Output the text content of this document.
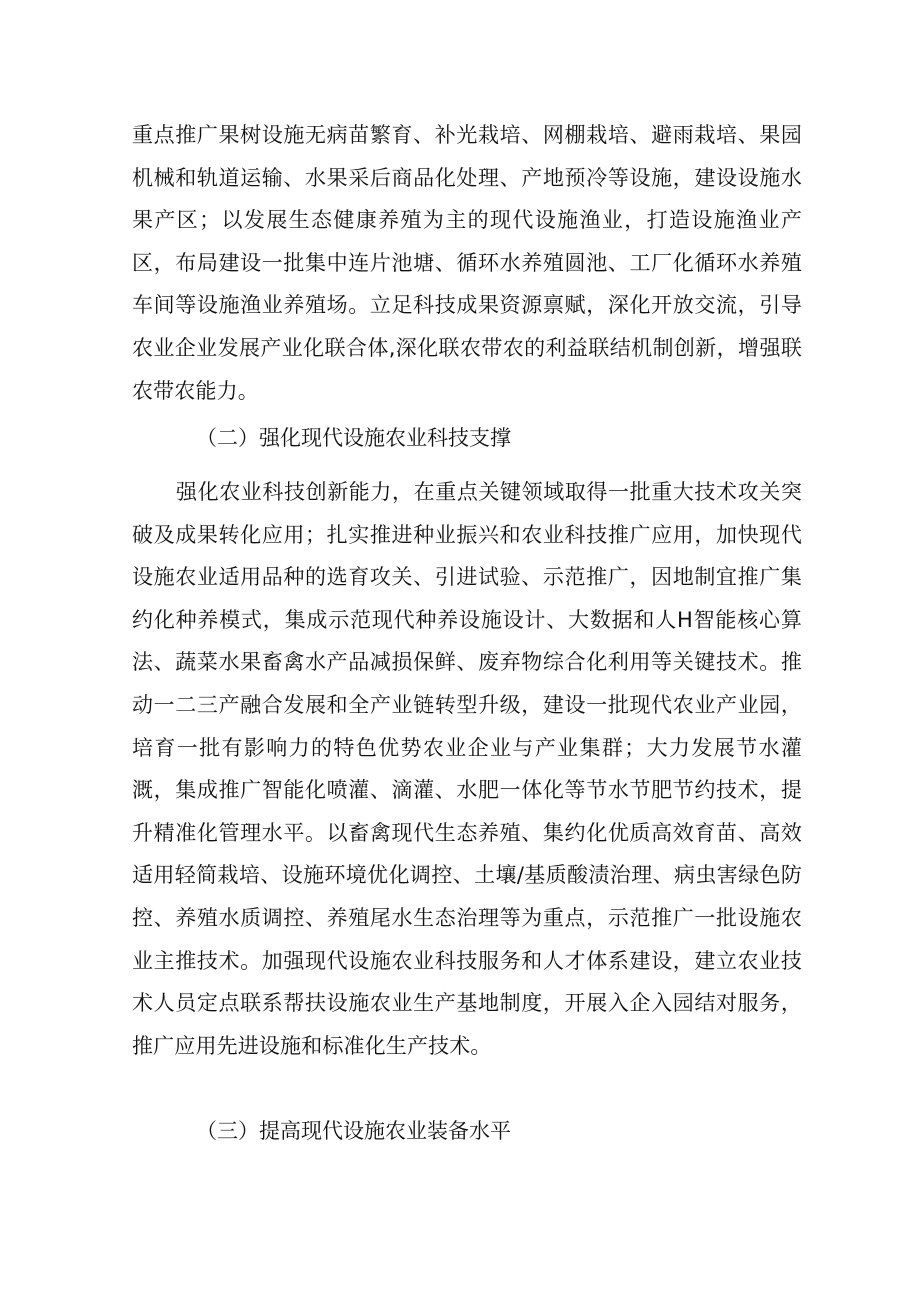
重点推广果树设施无病苗繁育、补光栽培、网棚栽培、避雨栽培、果园机械和轨道运输、水果采后商品化处理、产地预冷等设施，建设设施水果产区；以发展生态健康养殖为主的现代设施渔业，打造设施渔业产区，布局建设一批集中连片池塘、循环水养殖圆池、工厂化循环水养殖车间等设施渔业养殖场。立足科技成果资源禀赋，深化开放交流，引导农业企业发展产业化联合体,深化联农带农的利益联结机制创新，增强联农带农能力。

（二）强化现代设施农业科技支撑

强化农业科技创新能力，在重点关键领域取得一批重大技术攻关突破及成果转化应用；扎实推进种业振兴和农业科技推广应用，加快现代设施农业适用品种的选育攻关、引进试验、示范推广，因地制宜推广集约化种养模式，集成示范现代种养设施设计、大数据和人H智能核心算法、蔬菜水果畜禽水产品减损保鲜、废弃物综合化利用等关键技术。推动一二三产融合发展和全产业链转型升级，建设一批现代农业产业园，培育一批有影响力的特色优势农业企业与产业集群；大力发展节水灌溉，集成推广智能化喷灌、滴灌、水肥一体化等节水节肥节约技术，提升精准化管理水平。以畜禽现代生态养殖、集约化优质高效育苗、高效适用轻简栽培、设施环境优化调控、土壤/基质酸渍治理、病虫害绿色防控、养殖水质调控、养殖尾水生态治理等为重点，示范推广一批设施农业主推技术。加强现代设施农业科技服务和人才体系建设，建立农业技术人员定点联系帮扶设施农业生产基地制度，开展入企入园结对服务，推广应用先进设施和标准化生产技术。

（三）提高现代设施农业装备水平
